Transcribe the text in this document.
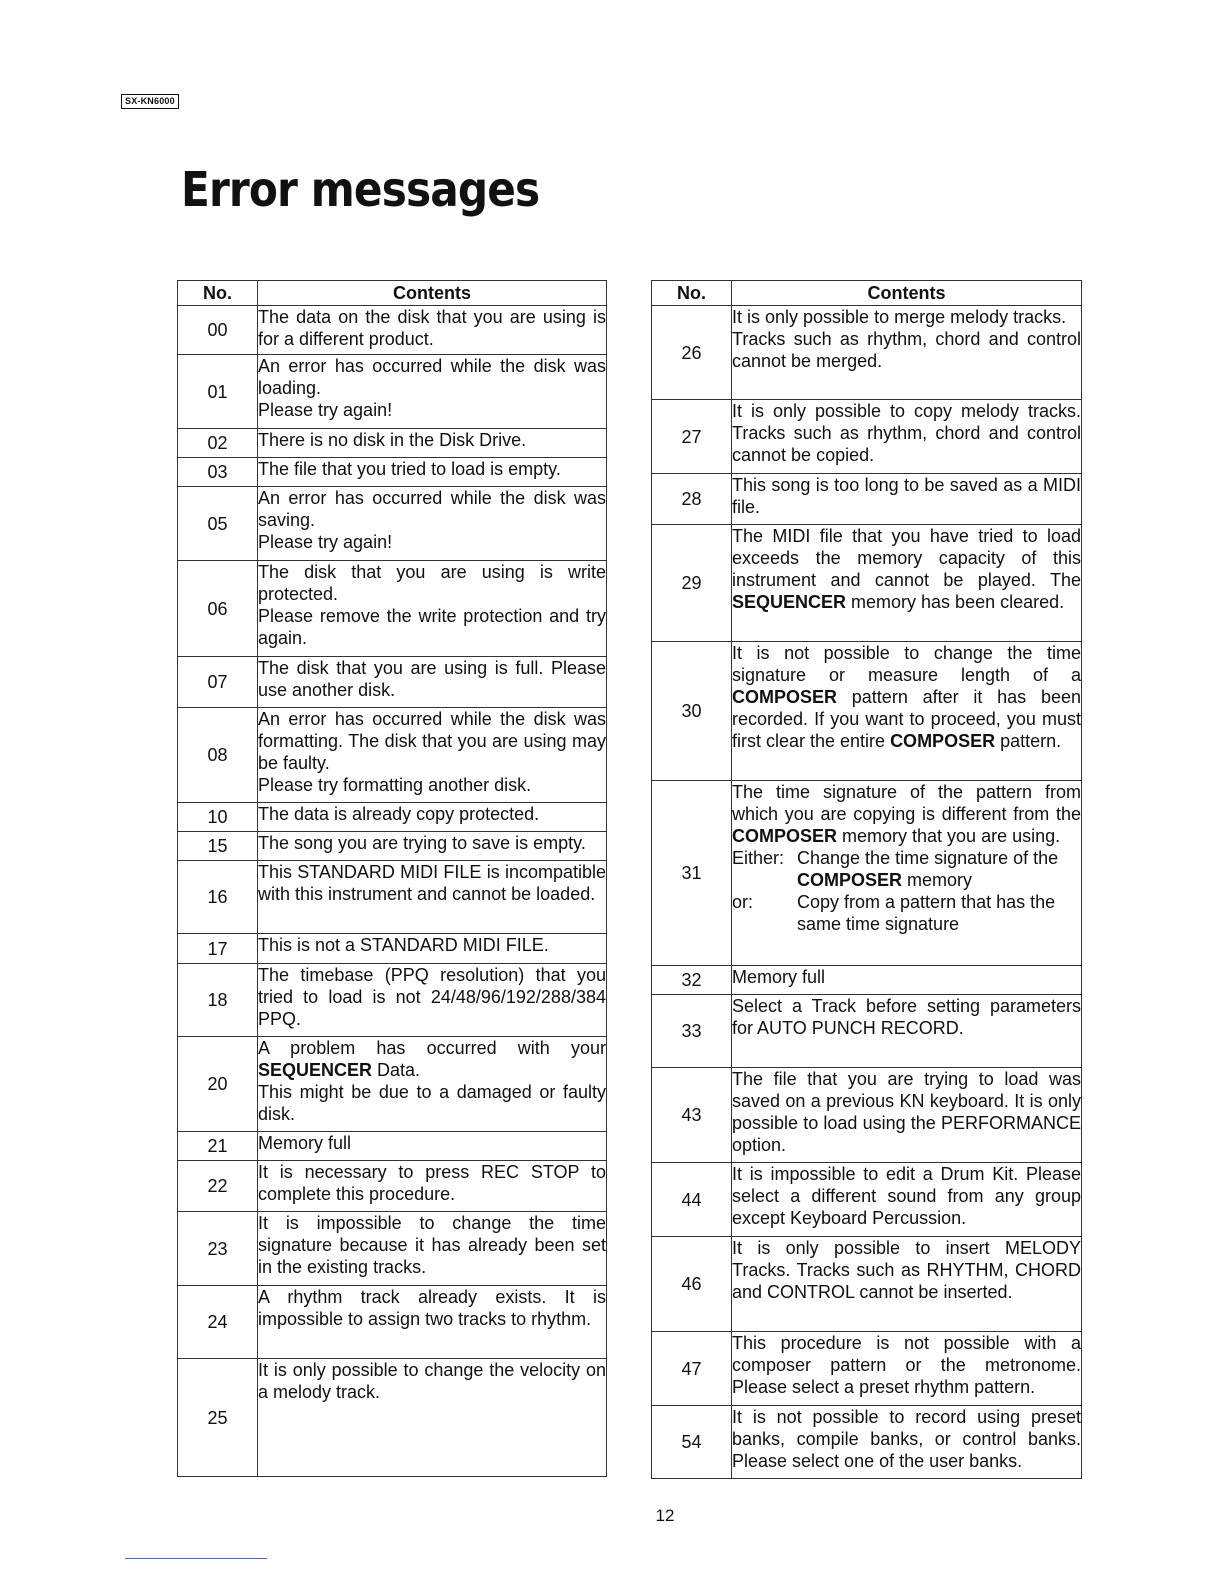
SX-KN6000
Error messages
No.	Contents
00	The data on the disk that you are using is for a different product.

01	An error has occurred while the disk was loading.

Please try again!

02	There is no disk in the Disk Drive.

03	The file that you tried to load is empty.

05	An error has occurred while the disk was saving.

Please try again!

06	The disk that you are using is write protected.

Please remove the write protection and try again.

07	The disk that you are using is full. Please use another disk.

08	An error has occurred while the disk was formatting. The disk that you are using may be faulty.

Please try formatting another disk.

10	The data is already copy protected.

15	The song you are trying to save is empty.

16	This STANDARD MIDI FILE is incompatible with this instrument and cannot be loaded.

17	This is not a STANDARD MIDI FILE.

18	The timebase (PPQ resolution) that you tried to load is not 24/48/96/192/288/384 PPQ.

20	A problem has occurred with your SEQUENCER Data.

This might be due to a damaged or faulty disk.

21	Memory full

22	It is necessary to press REC STOP to complete this procedure.

23	It is impossible to change the time signature because it has already been set in the existing tracks.

24	A rhythm track already exists. It is impossible to assign two tracks to rhythm.

25	It is only possible to change the velocity on a melody track.

No.	Contents
26	It is only possible to merge melody tracks.

Tracks such as rhythm, chord and control cannot be merged.

27	It is only possible to copy melody tracks. Tracks such as rhythm, chord and control cannot be copied.

28	This song is too long to be saved as a MIDI file.

29	The MIDI file that you have tried to load exceeds the memory capacity of this instrument and cannot be played. The SEQUENCER memory has been cleared.

30	It is not possible to change the time signature or measure length of a COMPOSER pattern after it has been recorded. If you want to proceed, you must first clear the entire COMPOSER pattern.

31	The time signature of the pattern from which you are copying is different from the COMPOSER memory that you are using.

Either: Change the time signature of the COMPOSER memory
or: Copy from a pattern that has the same time signature

32	Memory full

33	Select a Track before setting parameters for AUTO PUNCH RECORD.

43	The file that you are trying to load was saved on a previous KN keyboard. It is only possible to load using the PERFORMANCE option.

44	It is impossible to edit a Drum Kit. Please select a different sound from any group except Keyboard Percussion.

46	It is only possible to insert MELODY Tracks. Tracks such as RHYTHM, CHORD and CONTROL cannot be inserted.

47	This procedure is not possible with a composer pattern or the metronome. Please select a preset rhythm pattern.

54	It is not possible to record using preset banks, compile banks, or control banks. Please select one of the user banks.

12
